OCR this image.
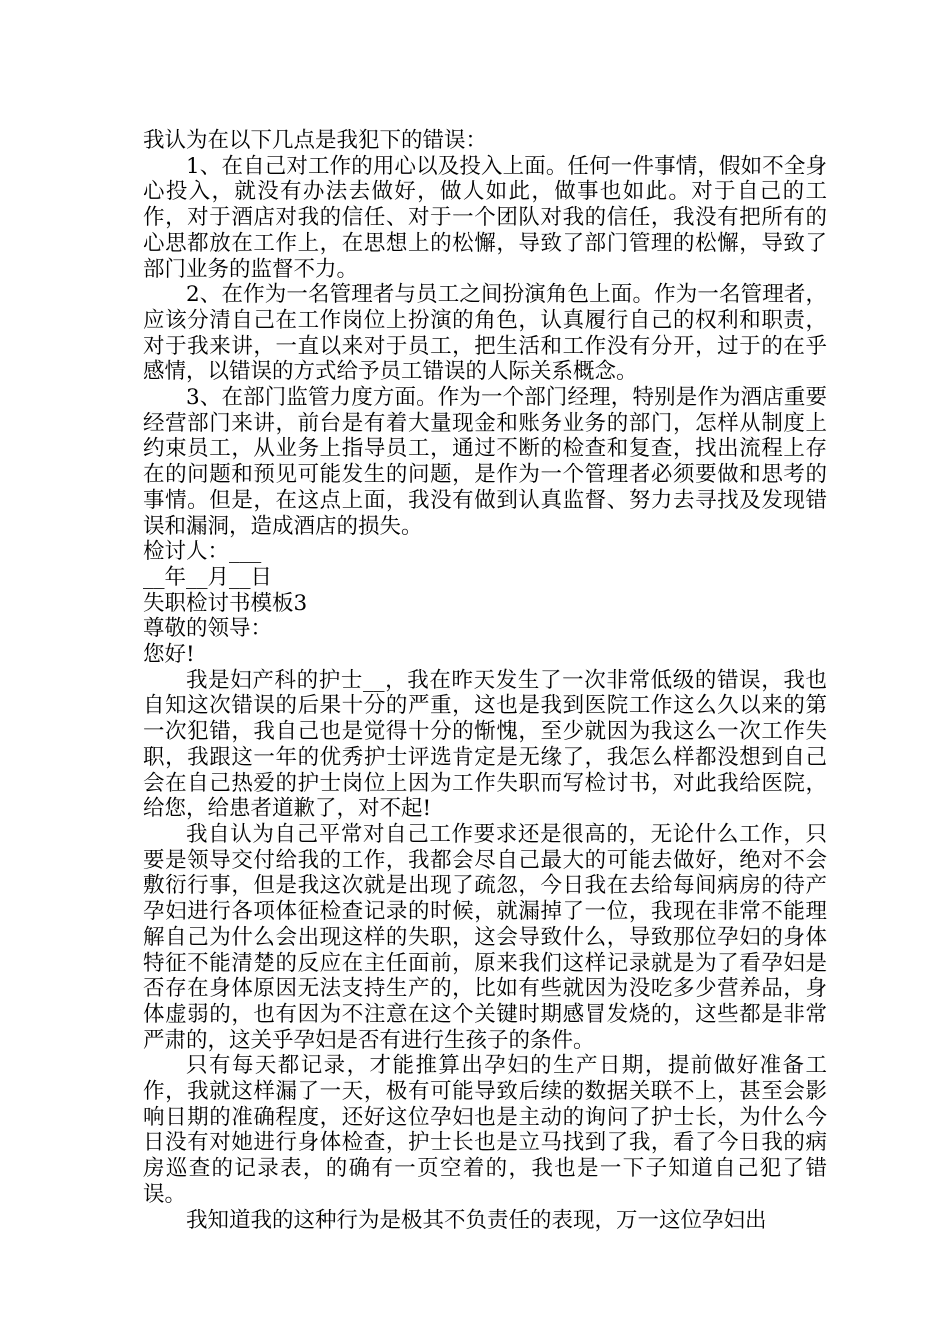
我认为在以下几点是我犯下的错误：

1、在自己对工作的用心以及投入上面。任何一件事情，假如不全身心投入，就没有办法去做好，做人如此，做事也如此。对于自己的工作，对于酒店对我的信任、对于一个团队对我的信任，我没有把所有的心思都放在工作上，在思想上的松懈，导致了部门管理的松懈，导致了部门业务的监督不力。

2、在作为一名管理者与员工之间扮演角色上面。作为一名管理者，应该分清自己在工作岗位上扮演的角色，认真履行自己的权利和职责，对于我来讲，一直以来对于员工，把生活和工作没有分开，过于的在乎感情，以错误的方式给予员工错误的人际关系概念。

3、在部门监管力度方面。作为一个部门经理，特别是作为酒店重要经营部门来讲，前台是有着大量现金和账务业务的部门，怎样从制度上约束员工，从业务上指导员工，通过不断的检查和复查，找出流程上存在的问题和预见可能发生的问题，是作为一个管理者必须要做和思考的事情。但是，在这点上面，我没有做到认真监督、努力去寻找及发现错误和漏洞，造成酒店的损失。

检讨人：___

__年__月__日

失职检讨书模板3

尊敬的领导：

您好!

我是妇产科的护士__，我在昨天发生了一次非常低级的错误，我也自知这次错误的后果十分的严重，这也是我到医院工作这么久以来的第一次犯错，我自己也是觉得十分的惭愧，至少就因为我这么一次工作失职，我跟这一年的优秀护士评选肯定是无缘了，我怎么样都没想到自己会在自己热爱的护士岗位上因为工作失职而写检讨书，对此我给医院，给您，给患者道歉了，对不起!

我自认为自己平常对自己工作要求还是很高的，无论什么工作，只要是领导交付给我的工作，我都会尽自己最大的可能去做好，绝对不会敷衍行事，但是我这次就是出现了疏忽，今日我在去给每间病房的待产孕妇进行各项体征检查记录的时候，就漏掉了一位，我现在非常不能理解自己为什么会出现这样的失职，这会导致什么，导致那位孕妇的身体特征不能清楚的反应在主任面前，原来我们这样记录就是为了看孕妇是否存在身体原因无法支持生产的，比如有些就因为没吃多少营养品，身体虚弱的，也有因为不注意在这个关键时期感冒发烧的，这些都是非常严肃的，这关乎孕妇是否有进行生孩子的条件。

只有每天都记录，才能推算出孕妇的生产日期，提前做好准备工作，我就这样漏了一天，极有可能导致后续的数据关联不上，甚至会影响日期的准确程度，还好这位孕妇也是主动的询问了护士长，为什么今日没有对她进行身体检查，护士长也是立马找到了我，看了今日我的病房巡查的记录表，的确有一页空着的，我也是一下子知道自己犯了错误。

我知道我的这种行为是极其不负责任的表现，万一这位孕妇出
